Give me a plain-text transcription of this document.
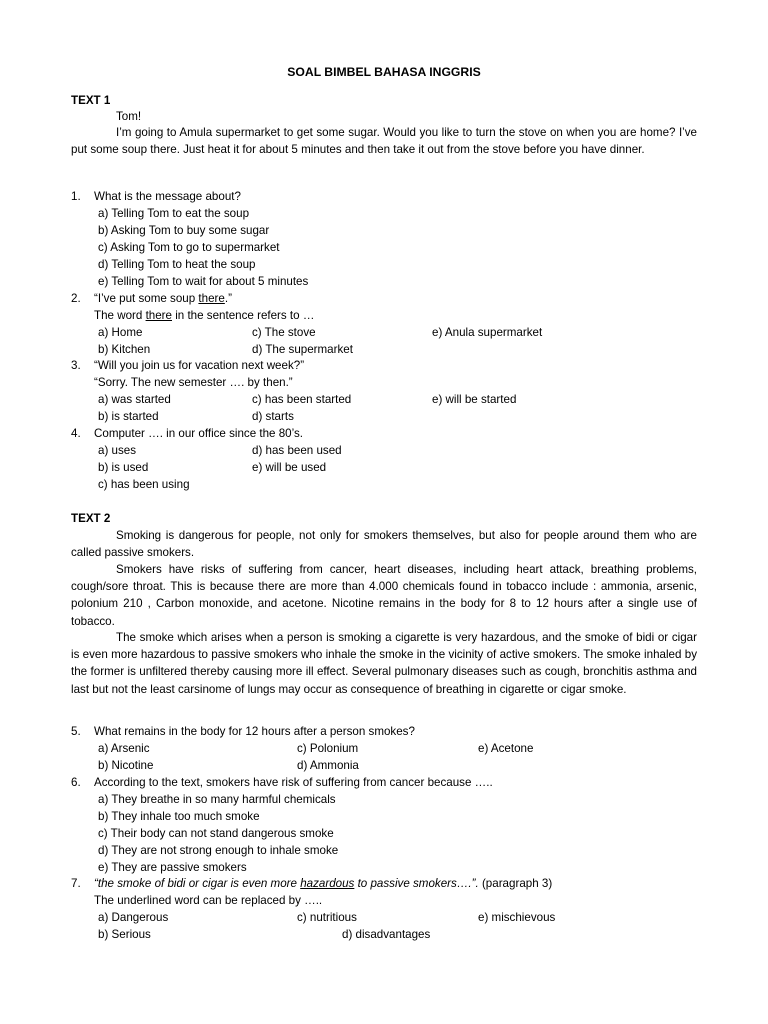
SOAL BIMBEL BAHASA INGGRIS
TEXT 1
Tom!
I’m going to Amula supermarket to get some sugar. Would you like to turn the stove on when you are home? I’ve put some soup there. Just heat it for about 5 minutes and then take it out from the stove before you have dinner.
1. What is the message about?
a) Telling Tom to eat the soup
b) Asking Tom to buy some sugar
c) Asking Tom to go to supermarket
d) Telling Tom to heat the soup
e) Telling Tom to wait for about 5 minutes
2. “I’ve put some soup there.”
The word there in the sentence refers to …
a) Home
b) Kitchen
c) The stove
d) The supermarket
e) Anula supermarket
3. “Will you join us for vacation next week?”
“Sorry. The new semester …. by then.”
a) was started
b) is started
c) has been started
d) starts
e) will be started
4. Computer …. in our office since the 80’s.
a) uses
b) is used
c) has been using
d) has been used
e) will be used
TEXT 2
Smoking is dangerous for people, not only for smokers themselves, but also for people around them who are called passive smokers.
Smokers have risks of suffering from cancer, heart diseases, including heart attack, breathing problems, cough/sore throat. This is because there are more than 4.000 chemicals found in tobacco include : ammonia, arsenic, polonium 210 , Carbon monoxide, and acetone. Nicotine remains in the body for 8 to 12 hours after a single use of tobacco.
The smoke which arises when a person is smoking a cigarette is very hazardous, and the smoke of bidi or cigar is even more hazardous to passive smokers who inhale the smoke in the vicinity of active smokers. The smoke inhaled by the former is unfiltered thereby causing more ill effect. Several pulmonary diseases such as cough, bronchitis asthma and last but not the least carsinome of lungs may occur as consequence of breathing in cigarette or cigar smoke.
5. What remains in the body for 12 hours after a person smokes?
a) Arsenic
b) Nicotine
c) Polonium
d) Ammonia
e) Acetone
6. According to the text, smokers have risk of suffering from cancer because …..
a) They breathe in so many harmful chemicals
b) They inhale too much smoke
c) Their body can not stand dangerous smoke
d) They are not strong enough to inhale smoke
e) They are passive smokers
7. “the smoke of bidi or cigar is even more hazardous to passive smokers….”. (paragraph 3)
The underlined word can be replaced by …..
a) Dangerous
b) Serious
c) nutritious
d) disadvantages
e) mischievous
